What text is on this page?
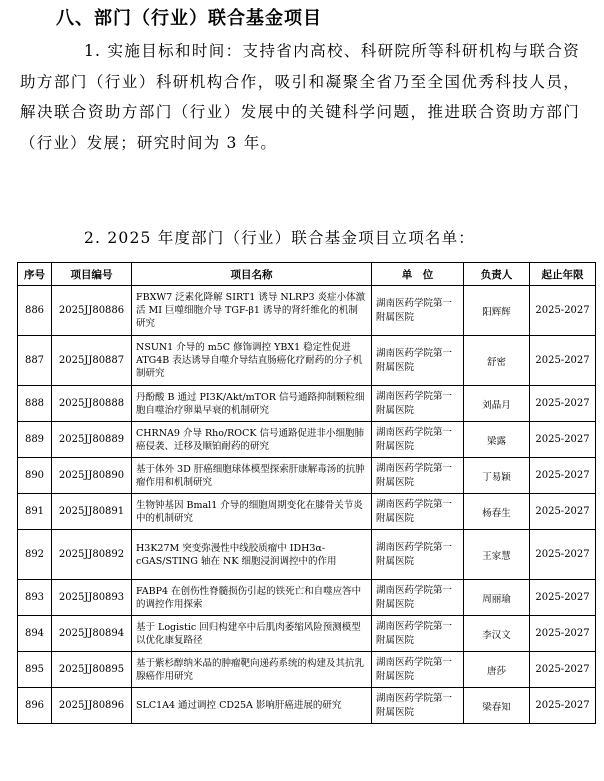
八、部门（行业）联合基金项目
1. 实施目标和时间：支持省内高校、科研院所等科研机构与联合资助方部门（行业）科研机构合作，吸引和凝聚全省乃至全国优秀科技人员，解决联合资助方部门（行业）发展中的关键科学问题，推进联合资助方部门（行业）发展；研究时间为 3 年。
2. 2025 年度部门（行业）联合基金项目立项名单：
序号	项目编号	项目名称	单　位	负责人	起止年限
886	2025JJ80886	FBXW7 泛素化降解 SIRT1 诱导 NLRP3 炎症小体激活 MI 巨噬细胞介导 TGF-β1 诱导的肾纤维化的机制研究	湖南医药学院第一附属医院	阳辉辉	2025-2027
887	2025JJ80887	NSUN1 介导的 m5C 修饰调控 YBX1 稳定性促进 ATG4B 表达诱导自噬介导结直肠癌化疗耐药的分子机制研究	湖南医药学院第一附属医院	舒密	2025-2027
888	2025JJ80888	丹酚酸 B 通过 PI3K/Akt/mTOR 信号通路抑制颗粒细胞自噬治疗卵巢早衰的机制研究	湖南医药学院第一附属医院	刘晶月	2025-2027
889	2025JJ80889	CHRNA9 介导 Rho/ROCK 信号通路促进非小细胞肺癌侵袭、迁移及顺铂耐药的研究	湖南医药学院第一附属医院	梁露	2025-2027
890	2025JJ80890	基于体外 3D 肝癌细胞球体模型探索肝康解毒汤的抗肿瘤作用和机制研究	湖南医药学院第一附属医院	丁易颖	2025-2027
891	2025JJ80891	生物钟基因 Bmal1 介导的细胞周期变化在膝骨关节炎中的机制研究	湖南医药学院第一附属医院	杨春生	2025-2027
892	2025JJ80892	H3K27M 突变弥漫性中线胶质瘤中 IDH3α-cGAS/STING 轴在 NK 细胞浸润调控中的作用	湖南医药学院第一附属医院	王家慧	2025-2027
893	2025JJ80893	FABP4 在创伤性脊髓损伤引起的铁死亡和自噬应答中的调控作用探索	湖南医药学院第一附属医院	周丽瑜	2025-2027
894	2025JJ80894	基于 Logistic 回归构建卒中后肌肉萎缩风险预测模型以优化康复路径	湖南医药学院第一附属医院	李汉文	2025-2027
895	2025JJ80895	基于紫杉醇纳米晶的肿瘤靶向递药系统的构建及其抗乳腺癌作用研究	湖南医药学院第一附属医院	唐莎	2025-2027
896	2025JJ80896	SLC1A4 通过调控 CD25A 影响肝癌进展的研究	湖南医药学院第一附属医院	梁春知	2025-2027
